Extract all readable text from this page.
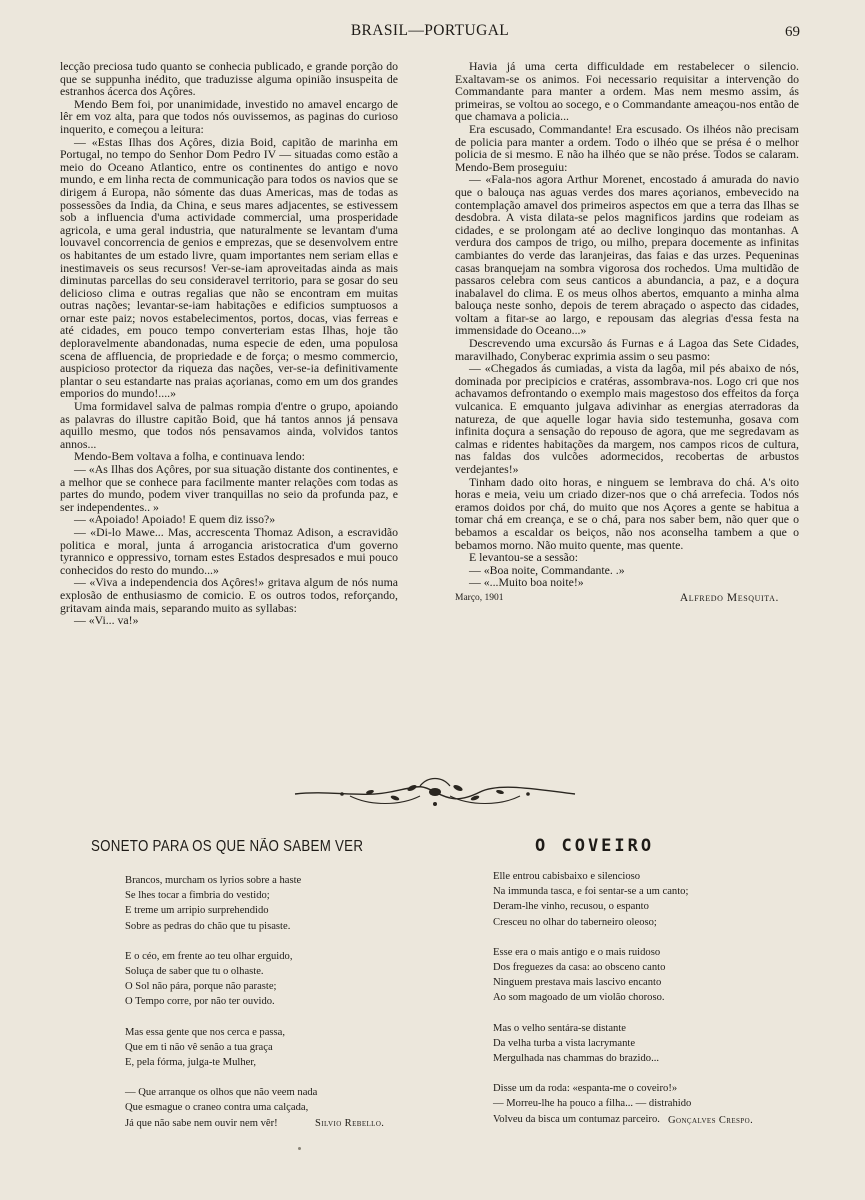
BRASIL—PORTUGAL	69

lecção preciosa tudo quanto se conhecia publicado, e grande porção do que se suppunha inédito, que traduzisse alguma opinião insuspeita de estranhos ácerca dos Açôres.

Mendo Bem foi, por unanimidade, investido no amavel encargo de lêr em voz alta, para que todos nós ouvissemos, as paginas do curioso inquerito, e começou a leitura:

— «Estas Ilhas dos Açôres, dizia Boid, capitão de marinha em Portugal, no tempo do Senhor Dom Pedro IV — situadas como estão a meio do Oceano Atlantico, entre os continentes do antigo e novo mundo, e em linha recta de communicação para todos os navios que se dirigem á Europa, não sómente das duas Americas, mas de todas as possessões da India, da China, e seus mares adjacentes, se estivessem sob a influencia d'uma actividade commercial, uma prosperidade agricola, e uma geral industria, que naturalmente se levantam d'uma louvavel concorrencia de genios e emprezas, que se desenvolvem entre os habitantes de um estado livre, quam importantes nem seriam ellas e inestimaveis os seus recursos! Ver-se-iam aproveitadas ainda as mais diminutas parcellas do seu consideravel territorio, para se gosar do seu delicioso clima e outras regalias que não se encontram em muitas outras nações; levantar-se-iam habitações e edificios sumptuosos a ornar este paiz; novos estabelecimentos, portos, docas, vias ferreas e até cidades, em pouco tempo converteriam estas Ilhas, hoje tão deploravelmente abandonadas, numa especie de eden, uma populosa scena de affluencia, de propriedade e de força; o mesmo commercio, auspicioso protector da riqueza das nações, ver-se-ia definitivamente plantar o seu estandarte nas praias açorianas, como em um dos grandes emporios do mundo!....»

Uma formidavel salva de palmas rompia d'entre o grupo, apoiando as palavras do illustre capitão Boid, que há tantos annos já pensava aquillo mesmo, que todos nós pensavamos ainda, volvidos tantos annos...

Mendo-Bem voltava a folha, e continuava lendo:

— «As Ilhas dos Açôres, por sua situação distante dos continentes, e a melhor que se conhece para facilmente manter relações com todas as partes do mundo, podem viver tranquillas no seio da profunda paz, e ser independentes.. »

— «Apoiado! Apoiado! E quem diz isso?»

— «Di-lo Mawe... Mas, accrescenta Thomaz Adison, a escravidão politica e moral, junta á arrogancia aristocratica d'um governo tyrannico e oppressivo, tornam estes Estados despresados e mui pouco conhecidos do resto do mundo...»

— «Viva a independencia dos Açôres!» gritava algum de nós numa explosão de enthusiasmo de comicio. E os outros todos, reforçando, gritavam ainda mais, separando muito as syllabas:

— «Vi... va!»

Havia já uma certa difficuldade em restabelecer o silencio. Exaltavam-se os animos. Foi necessario requisitar a intervenção do Commandante para manter a ordem. Mas nem mesmo assim, ás primeiras, se voltou ao socego, e o Commandante ameaçou-nos então de que chamava a policia...

Era escusado, Commandante! Era escusado. Os ilhéos não precisam de policia para manter a ordem. Todo o ilhéo que se présa é o melhor policia de si mesmo. E não ha ilhéo que se não prése. Todos se calaram. Mendo-Bem proseguiu:

— «Fala-nos agora Arthur Morenet, encostado á amurada do navio que o balouça nas aguas verdes dos mares açorianos, embevecido na contemplação amavel dos primeiros aspectos em que a terra das Ilhas se desdobra. A vista dilata-se pelos magnificos jardins que rodeiam as cidades, e se prolongam até ao declive longinquo das montanhas. A verdura dos campos de trigo, ou milho, prepara docemente as infinitas cambiantes do verde das laranjeiras, das faias e das urzes. Pequeninas casas branquejam na sombra vigorosa dos rochedos. Uma multidão de passaros celebra com seus canticos a abundancia, a paz, e a doçura inabalavel do clima. E os meus olhos abertos, emquanto a minha alma balouça neste sonho, depois de terem abraçado o aspecto das cidades, voltam a fitar-se ao largo, e repousam das alegrias d'essa festa na immensidade do Oceano...»

Descrevendo uma excursão ás Furnas e á Lagoa das Sete Cidades, maravilhado, Conyberac exprimia assim o seu pasmo:

— «Chegados ás cumiadas, a vista da lagôa, mil pés abaixo de nós, dominada por precipicios e cratéras, assombrava-nos. Logo cri que nos achavamos defrontando o exemplo mais magestoso dos effeitos da força vulcanica. E emquanto julgava adivinhar as energias aterradoras da natureza, de que aquelle logar havia sido testemunha, gosava com infinita doçura a sensação do repouso de agora, que me segredavam as calmas e ridentes habitações da margem, nos campos ricos de cultura, nas faldas dos vulcões adormecidos, recobertas de arbustos verdejantes!»

Tinham dado oito horas, e ninguem se lembrava do chá. A's oito horas e meia, veiu um criado dizer-nos que o chá arrefecia. Todos nós eramos doidos por chá, do muito que nos Açores a gente se habitua a tomar chá em creança, e se o chá, para nos saber bem, não quer que o bebamos a escaldar os beiços, não nos aconselha tambem a que o bebamos morno. Não muito quente, mas quente.

E levantou-se a sessão:

— «Boa noite, Commandante. .»

— «...Muito boa noite!»

Março, 1901	Alfredo Mesquita.
SONETO PARA OS QUE NÃO SABEM VER	O COVEIRO
Brancos, murcham os lyrios sobre a haste
Se lhes tocar a fimbria do vestido;
E treme um arripio surprehendido
Sobre as pedras do chão que tu pisaste.
E o céo, em frente ao teu olhar erguido,
Soluça de saber que tu o olhaste.
O Sol não pára, porque não paraste;
O Tempo corre, por não ter ouvido.
Mas essa gente que nos cerca e passa,
Que em ti não vê senão a tua graça
E, pela fórma, julga-te Mulher,
— Que arranque os olhos que não veem nada
Que esmague o craneo contra uma calçada,
Já que não sabe nem ouvir nem vêr!	Silvio Rebello.
Elle entrou cabisbaixo e silencioso
Na immunda tasca, e foi sentar-se a um canto;
Deram-lhe vinho, recusou, o espanto
Cresceu no olhar do taberneiro oleoso;
Esse era o mais antigo e o mais ruidoso
Dos freguezes da casa: ao obsceno canto
Ninguem prestava mais lascivo encanto
Ao som magoado de um violão choroso.
Mas o velho sentára-se distante
Da velha turba a vista lacrymante
Mergulhada nas chammas do brazido...
Disse um da roda: «espanta-me o coveiro!»
— Morreu-lhe ha pouco a filha... — distrahido
Volveu da bisca um contumaz parceiro. Gonçalves Crespo.
